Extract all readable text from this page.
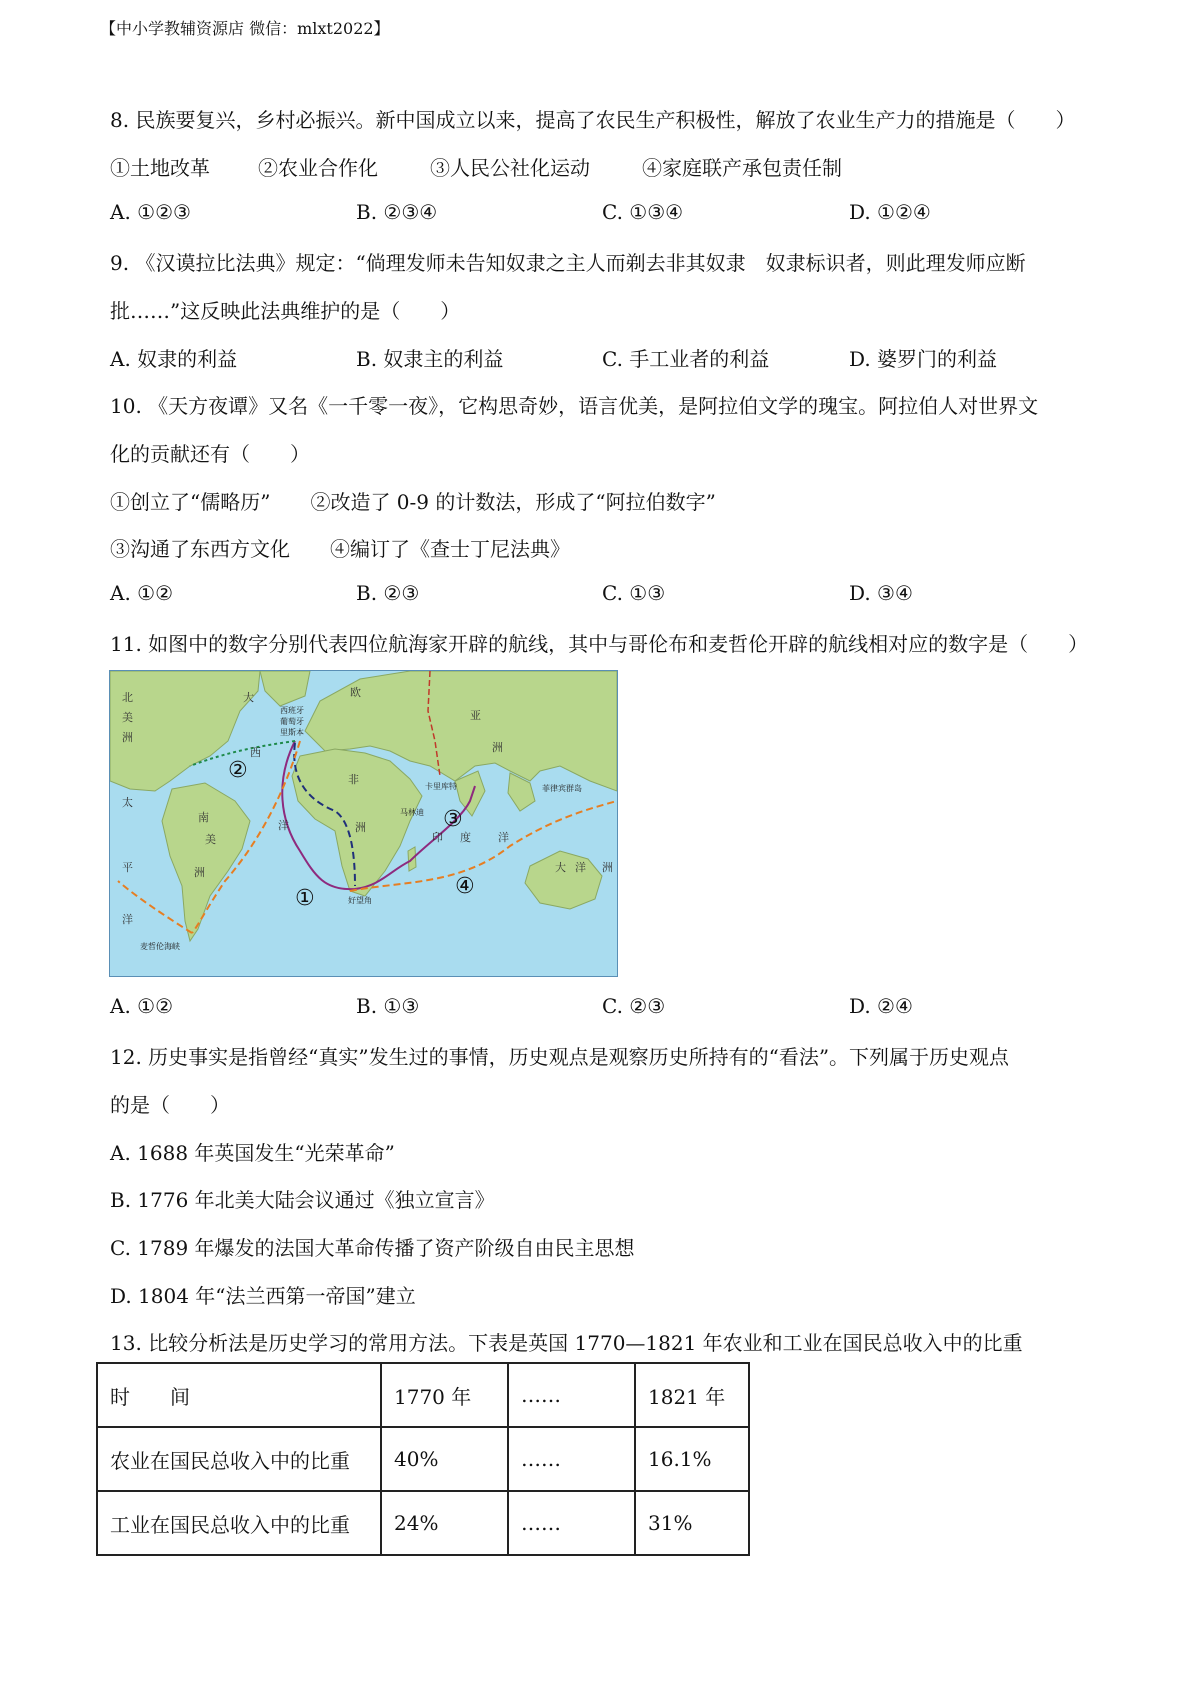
【中小学教辅资源店 微信：mlxt2022】
8. 民族要复兴，乡村必振兴。新中国成立以来，提高了农民生产积极性，解放了农业生产力的措施是（　　）
①土地改革 ②农业合作化	③人民公社化运动	④家庭联产承包责任制
A. ①②③	B. ②③④	C. ①③④	D. ①②④
9. 《汉谟拉比法典》规定：“倘理发师未告知奴隶之主人而剃去非其奴隶　奴隶标识者，则此理发师应断
批……”这反映此法典维护的是（　　）
A. 奴隶的利益	B. 奴隶主的利益	C. 手工业者的利益	D. 婆罗门的利益
10. 《天方夜谭》又名《一千零一夜》，它构思奇妙，语言优美，是阿拉伯文学的瑰宝。阿拉伯人对世界文
化的贡献还有（　　）
①创立了“儒略历”　　②改造了 0-9 的计数法，形成了“阿拉伯数字”
③沟通了东西方文化　　④编订了《查士丁尼法典》
A. ①②	B. ②③	C. ①③	D. ③④
11. 如图中的数字分别代表四位航海家开辟的航线，其中与哥伦布和麦哲伦开辟的航线相对应的数字是（　　）
北
美
洲
南
美
洲
非
洲
欧
大
西
洋
印 度 洋
大 洋 洲
亚
洲
太
平
洋
西班牙
葡萄牙
里斯本
卡里库特
马林迪
好望角
菲律宾群岛
麦哲伦海峡
①
②
③
④
A. ①②	B. ①③	C. ②③	D. ②④
12. 历史事实是指曾经“真实”发生过的事情，历史观点是观察历史所持有的“看法”。下列属于历史观点
的是（　　）
A. 1688 年英国发生“光荣革命”
B. 1776 年北美大陆会议通过《独立宣言》
C. 1789 年爆发的法国大革命传播了资产阶级自由民主思想
D. 1804 年“法兰西第一帝国”建立
13. 比较分析法是历史学习的常用方法。下表是英国 1770—1821 年农业和工业在国民总收入中的比重
时　　间	1770 年	……	1821 年
农业在国民总收入中的比重	40%	……	16.1%
工业在国民总收入中的比重	24%	……	31%
